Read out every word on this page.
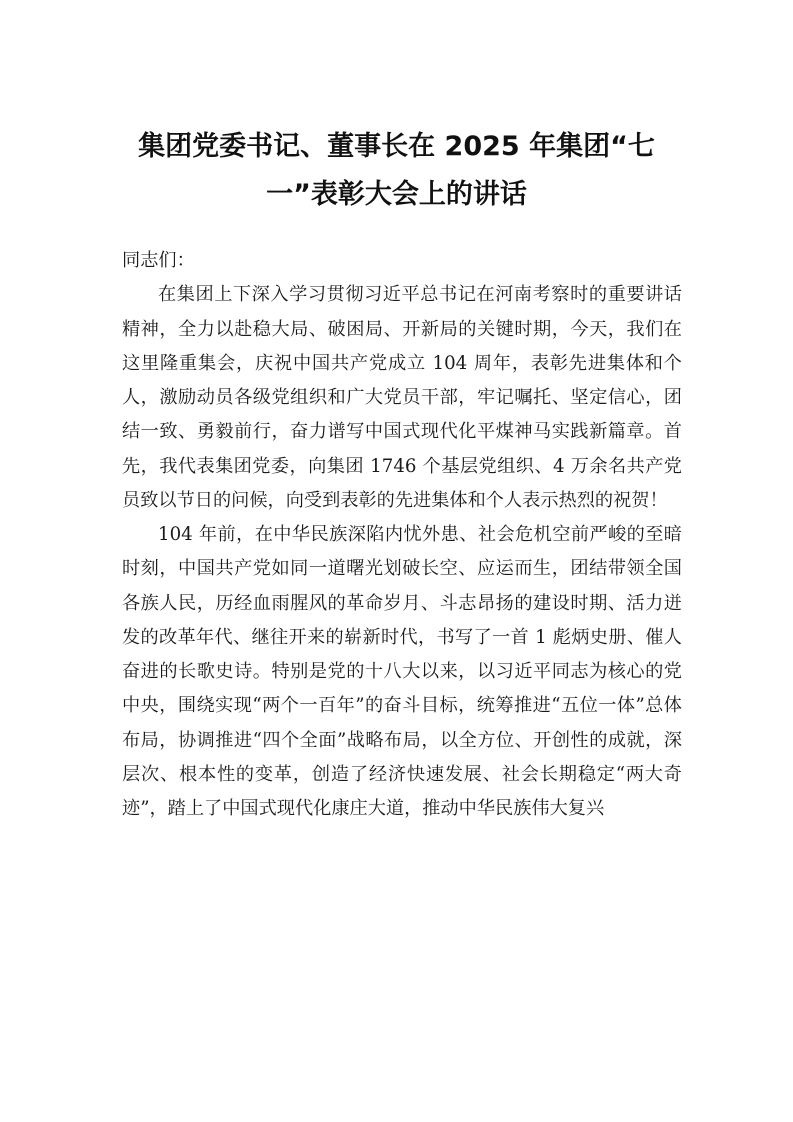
集团党委书记、董事长在 2025 年集团“七
一”表彰大会上的讲话

同志们：

在集团上下深入学习贯彻习近平总书记在河南考察时的重要讲话精神，全力以赴稳大局、破困局、开新局的关键时期，今天，我们在这里隆重集会，庆祝中国共产党成立 104 周年，表彰先进集体和个人，激励动员各级党组织和广大党员干部，牢记嘱托、坚定信心，团结一致、勇毅前行，奋力谱写中国式现代化平煤神马实践新篇章。首先，我代表集团党委，向集团 1746 个基层党组织、4 万余名共产党员致以节日的问候，向受到表彰的先进集体和个人表示热烈的祝贺！

104 年前，在中华民族深陷内忧外患、社会危机空前严峻的至暗时刻，中国共产党如同一道曙光划破长空、应运而生，团结带领全国各族人民，历经血雨腥风的革命岁月、斗志昂扬的建设时期、活力迸发的改革年代、继往开来的崭新时代，书写了一首 1 彪炳史册、催人奋进的长歌史诗。特别是党的十八大以来，以习近平同志为核心的党中央，围绕实现“两个一百年”的奋斗目标，统筹推进“五位一体”总体布局，协调推进“四个全面”战略布局，以全方位、开创性的成就，深层次、根本性的变革，创造了经济快速发展、社会长期稳定“两大奇迹”，踏上了中国式现代化康庄大道，推动中华民族伟大复兴
